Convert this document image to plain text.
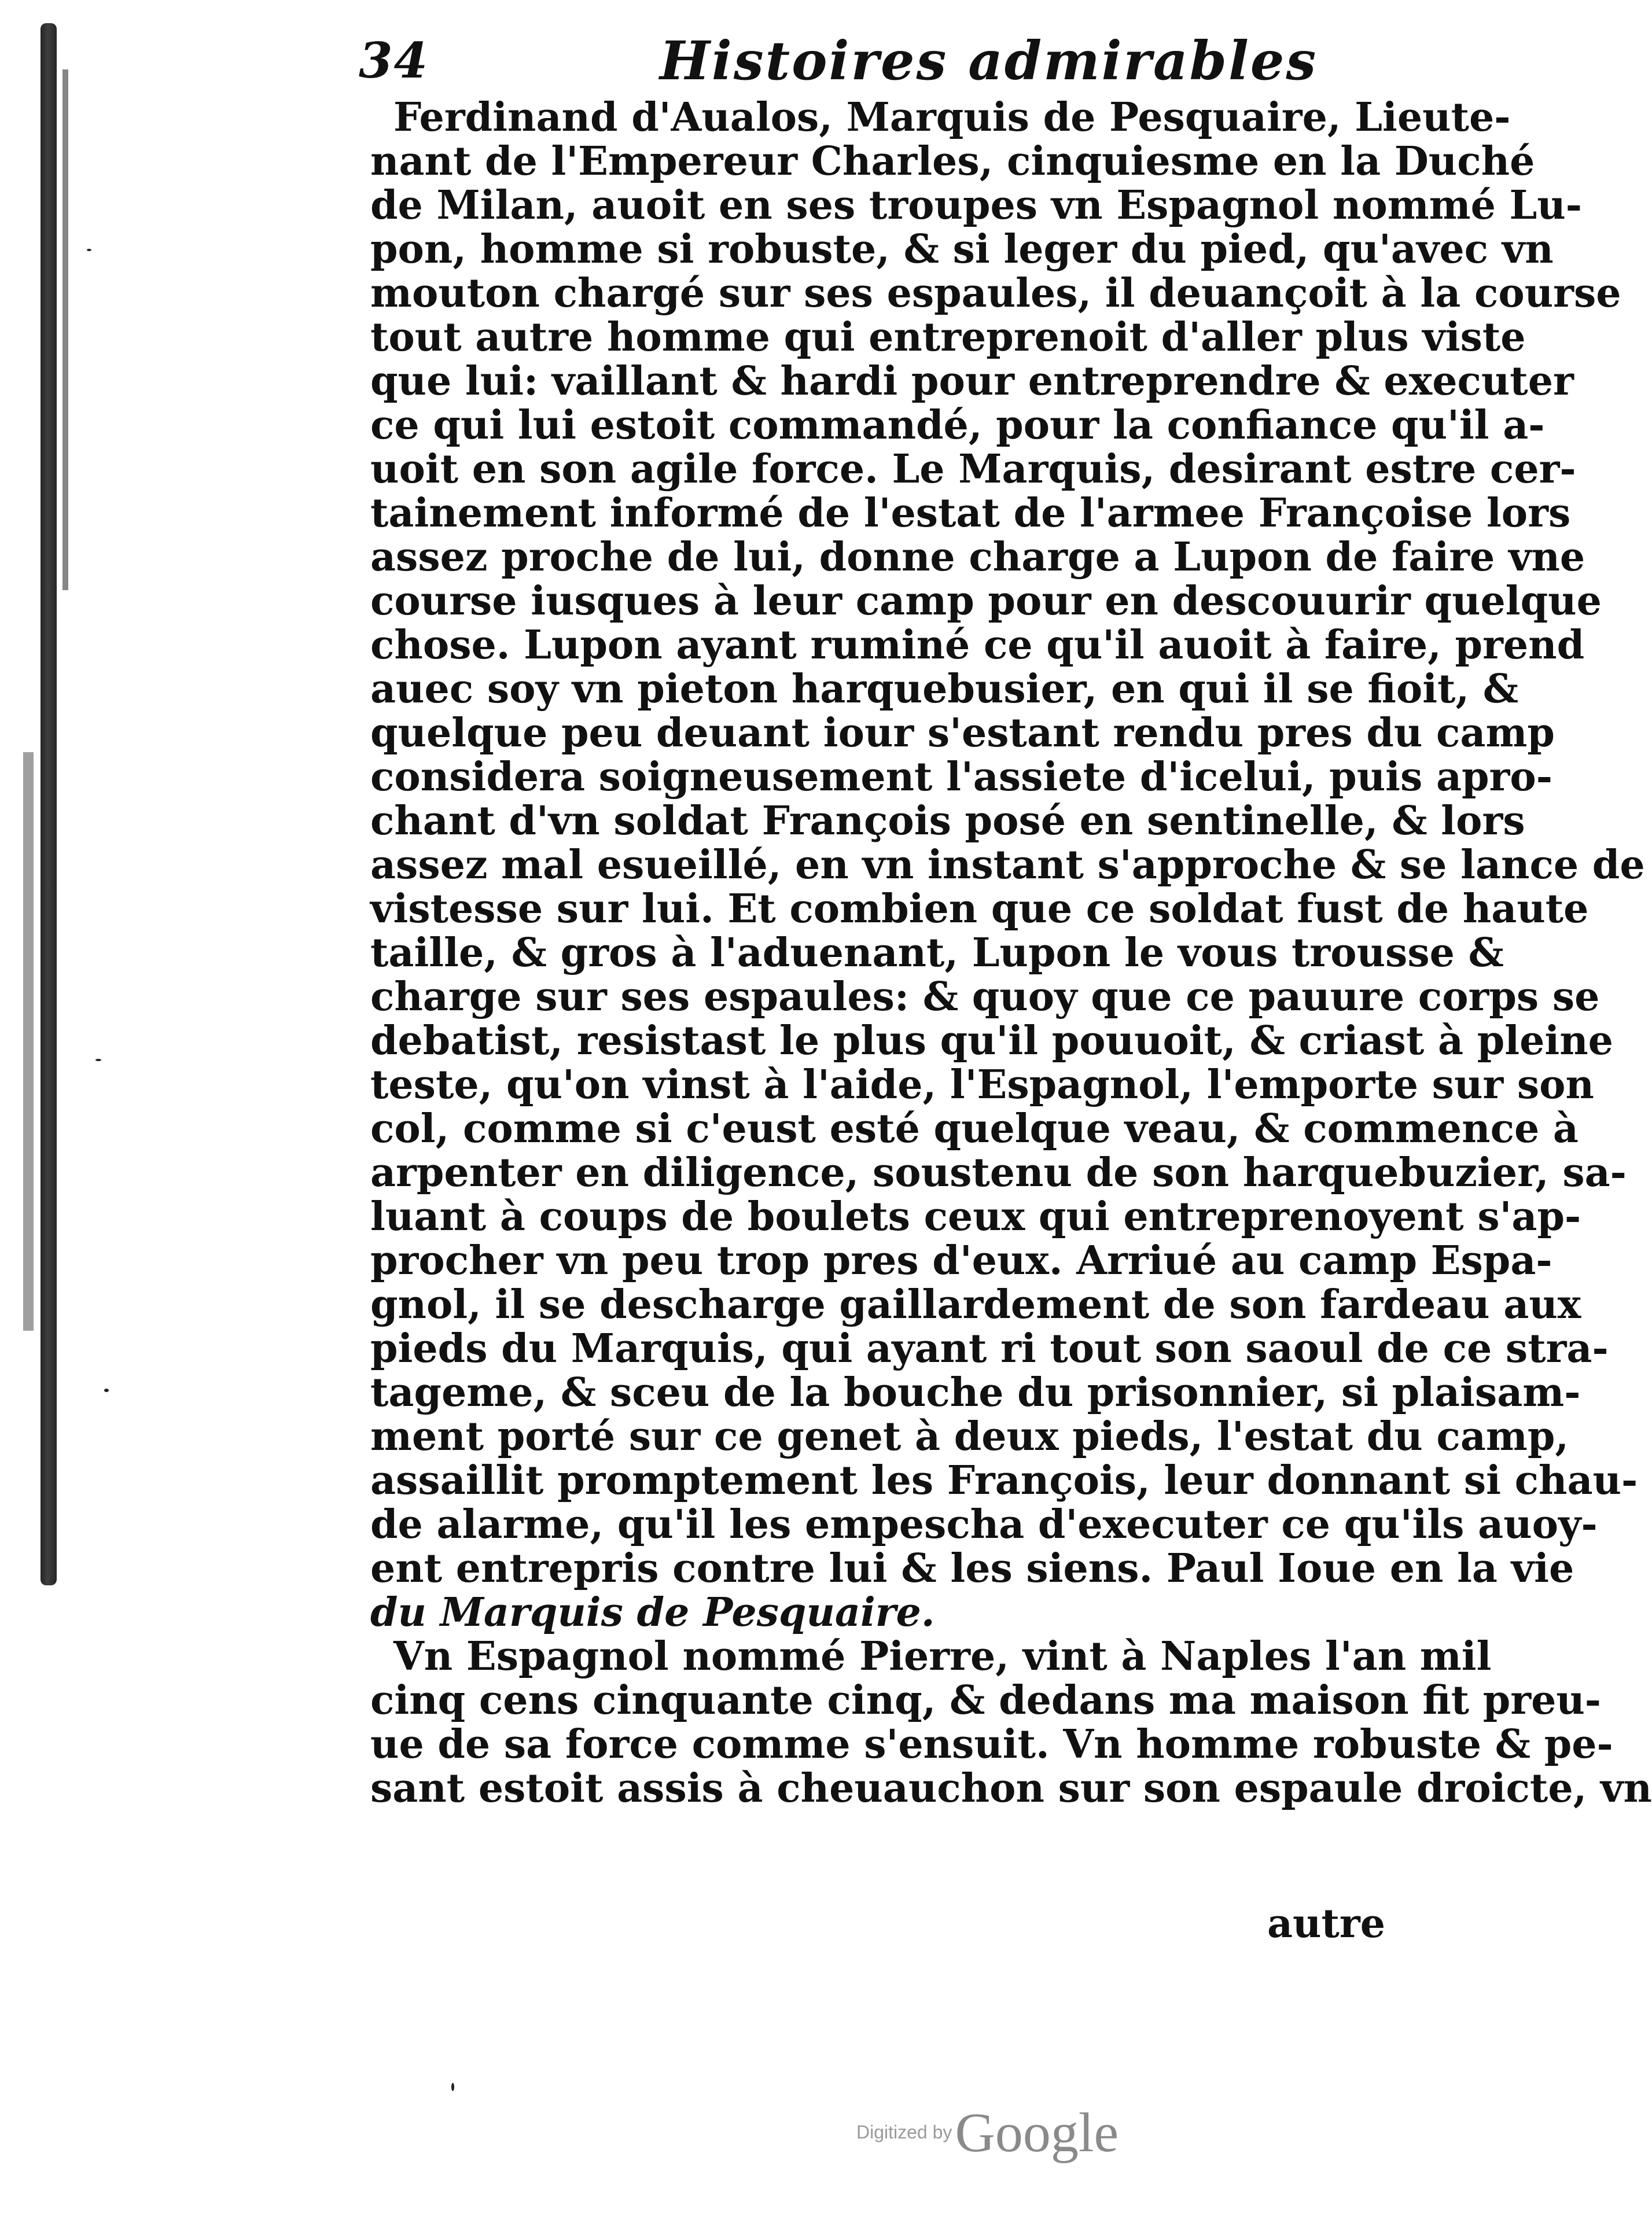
34	Histoires admirables
Ferdinand d'Aualos, Marquis de Pesquaire, Lieute-
nant de l'Empereur Charles, cinquiesme en la Duché
de Milan, auoit en ses troupes vn Espagnol nommé Lu-
pon, homme si robuste, & si leger du pied, qu'avec vn
mouton chargé sur ses espaules, il deuançoit à la course
tout autre homme qui entreprenoit d'aller plus viste
que lui: vaillant & hardi pour entreprendre & executer
ce qui lui estoit commandé, pour la confiance qu'il a-
uoit en son agile force. Le Marquis, desirant estre cer-
tainement informé de l'estat de l'armee Françoise lors
assez proche de lui, donne charge a Lupon de faire vne
course iusques à leur camp pour en descouurir quelque
chose. Lupon ayant ruminé ce qu'il auoit à faire, prend
auec soy vn pieton harquebusier, en qui il se fioit, &
quelque peu deuant iour s'estant rendu pres du camp
considera soigneusement l'assiete d'icelui, puis apro-
chant d'vn soldat François posé en sentinelle, & lors
assez mal esueillé, en vn instant s'approche & se lance de
vistesse sur lui. Et combien que ce soldat fust de haute
taille, & gros à l'aduenant, Lupon le vous trousse &
charge sur ses espaules: & quoy que ce pauure corps se
debatist, resistast le plus qu'il pouuoit, & criast à pleine
teste, qu'on vinst à l'aide, l'Espagnol, l'emporte sur son
col, comme si c'eust esté quelque veau, & commence à
arpenter en diligence, soustenu de son harquebuzier, sa-
luant à coups de boulets ceux qui entreprenoyent s'ap-
procher vn peu trop pres d'eux. Arriué au camp Espa-
gnol, il se descharge gaillardement de son fardeau aux
pieds du Marquis, qui ayant ri tout son saoul de ce stra-
tageme, & sceu de la bouche du prisonnier, si plaisam-
ment porté sur ce genet à deux pieds, l'estat du camp,
assaillit promptement les François, leur donnant si chau-
de alarme, qu'il les empescha d'executer ce qu'ils auoy-
ent entrepris contre lui & les siens. Paul Ioue en la vie
du Marquis de Pesquaire.
Vn Espagnol nommé Pierre, vint à Naples l'an mil
cinq cens cinquante cinq, & dedans ma maison fit preu-
ue de sa force comme s'ensuit. Vn homme robuste & pe-
sant estoit assis à cheuauchon sur son espaule droicte, vn
autre
Digitized by Google
